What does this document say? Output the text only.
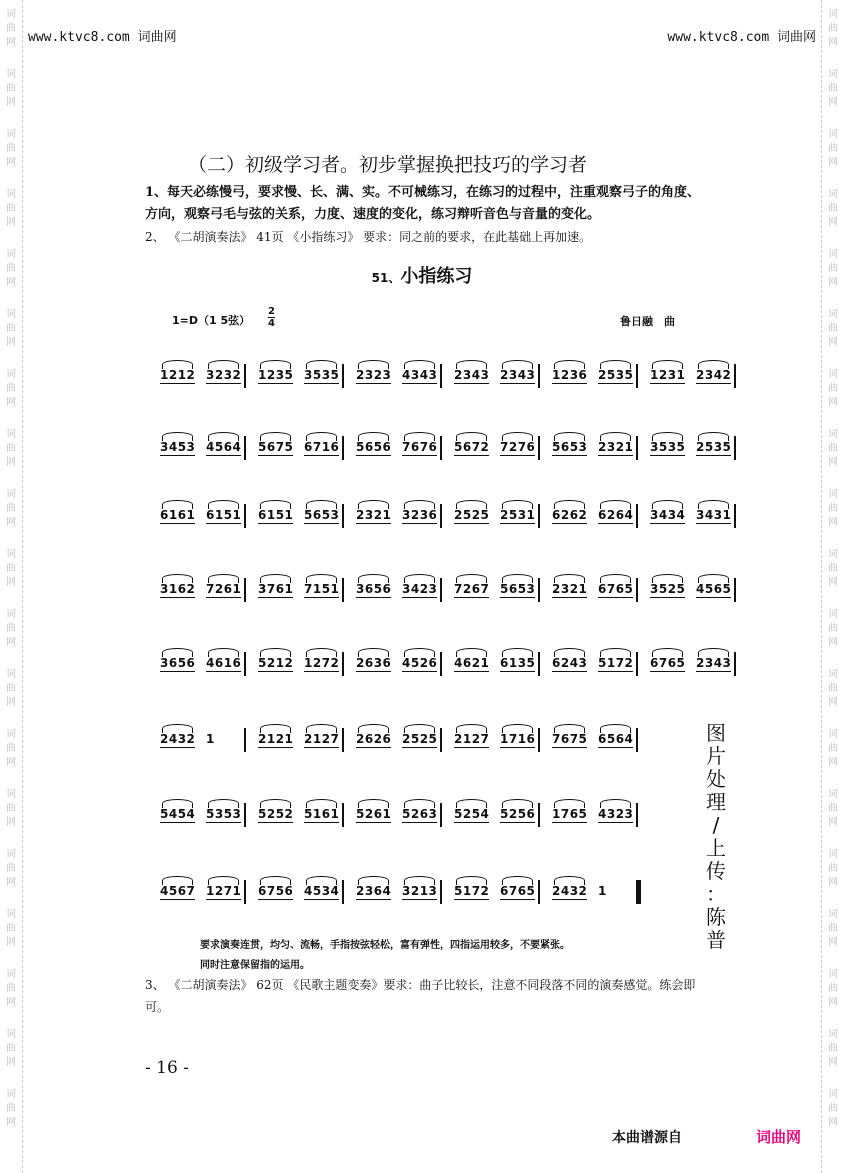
词
曲
网
词
曲
网
词
曲
网
词
曲
网
词
曲
网
词
曲
网
词
曲
网
词
曲
网
词
曲
网
词
曲
网
词
曲
网
词
曲
网
词
曲
网
词
曲
网
词
曲
网
词
曲
网
词
曲
网
词
曲
网
词
曲
网
词
曲
网
词
曲
网
词
曲
网
词
曲
网
词
曲
网
词
曲
网
词
曲
网
词
曲
网
词
曲
网
词
曲
网
词
曲
网
词
曲
网
词
曲
网
词
曲
网
词
曲
网
词
曲
网
词
曲
网
词
曲
网
词
曲
网
www.ktvc8.com 词曲网	www.ktvc8.com 词曲网
（二）初级学习者。初步掌握换把技巧的学习者
1、每天必练慢弓，要求慢、长、满、实。不可械练习，在练习的过程中，注重观察弓子的角度、方向，观察弓毛与弦的关系，力度、速度的变化，练习辩听音色与音量的变化。
2、 《二胡演奏法》 41页 《小指练习》 要求：同之前的要求，在此基础上再加速。
51、小指练习
1=D（1 5弦）
2
4	鲁日融　曲
1212 3232 1235 3535 2323 4343 2343 2343 1236 2535 1231 2342
3453 4564 5675 6716 5656 7676 5672 7276 5653 2321 3535 2535
6161 6151 6151 5653 2321 3236 2525 2531 6262 6264 3434 3431
3162 7261 3761 7151 3656 3423 7267 5653 2321 6765 3525 4565
3656 4616 5212 1272 2636 4526 4621 6135 6243 5172 6765 2343
2432 1	2121 2127 2626 2525 2127 1716 7675 6564
5454 5353 5252 5161 5261 5263 5254 5256 1765 4323
4567 1271 6756 4534 2364 3213 5172 6765 2432 1
图
片
处
理
/
上
传
：
陈
普
要求演奏连贯，均匀、流畅，手指按弦轻松，富有弹性，四指运用较多，不要紧张。
同时注意保留指的运用。
3、 《二胡演奏法》 62页 《民歌主题变奏》要求：曲子比较长，注意不同段落不同的演奏感觉。练会即可。
- 16 -
本曲谱源自	词曲网
